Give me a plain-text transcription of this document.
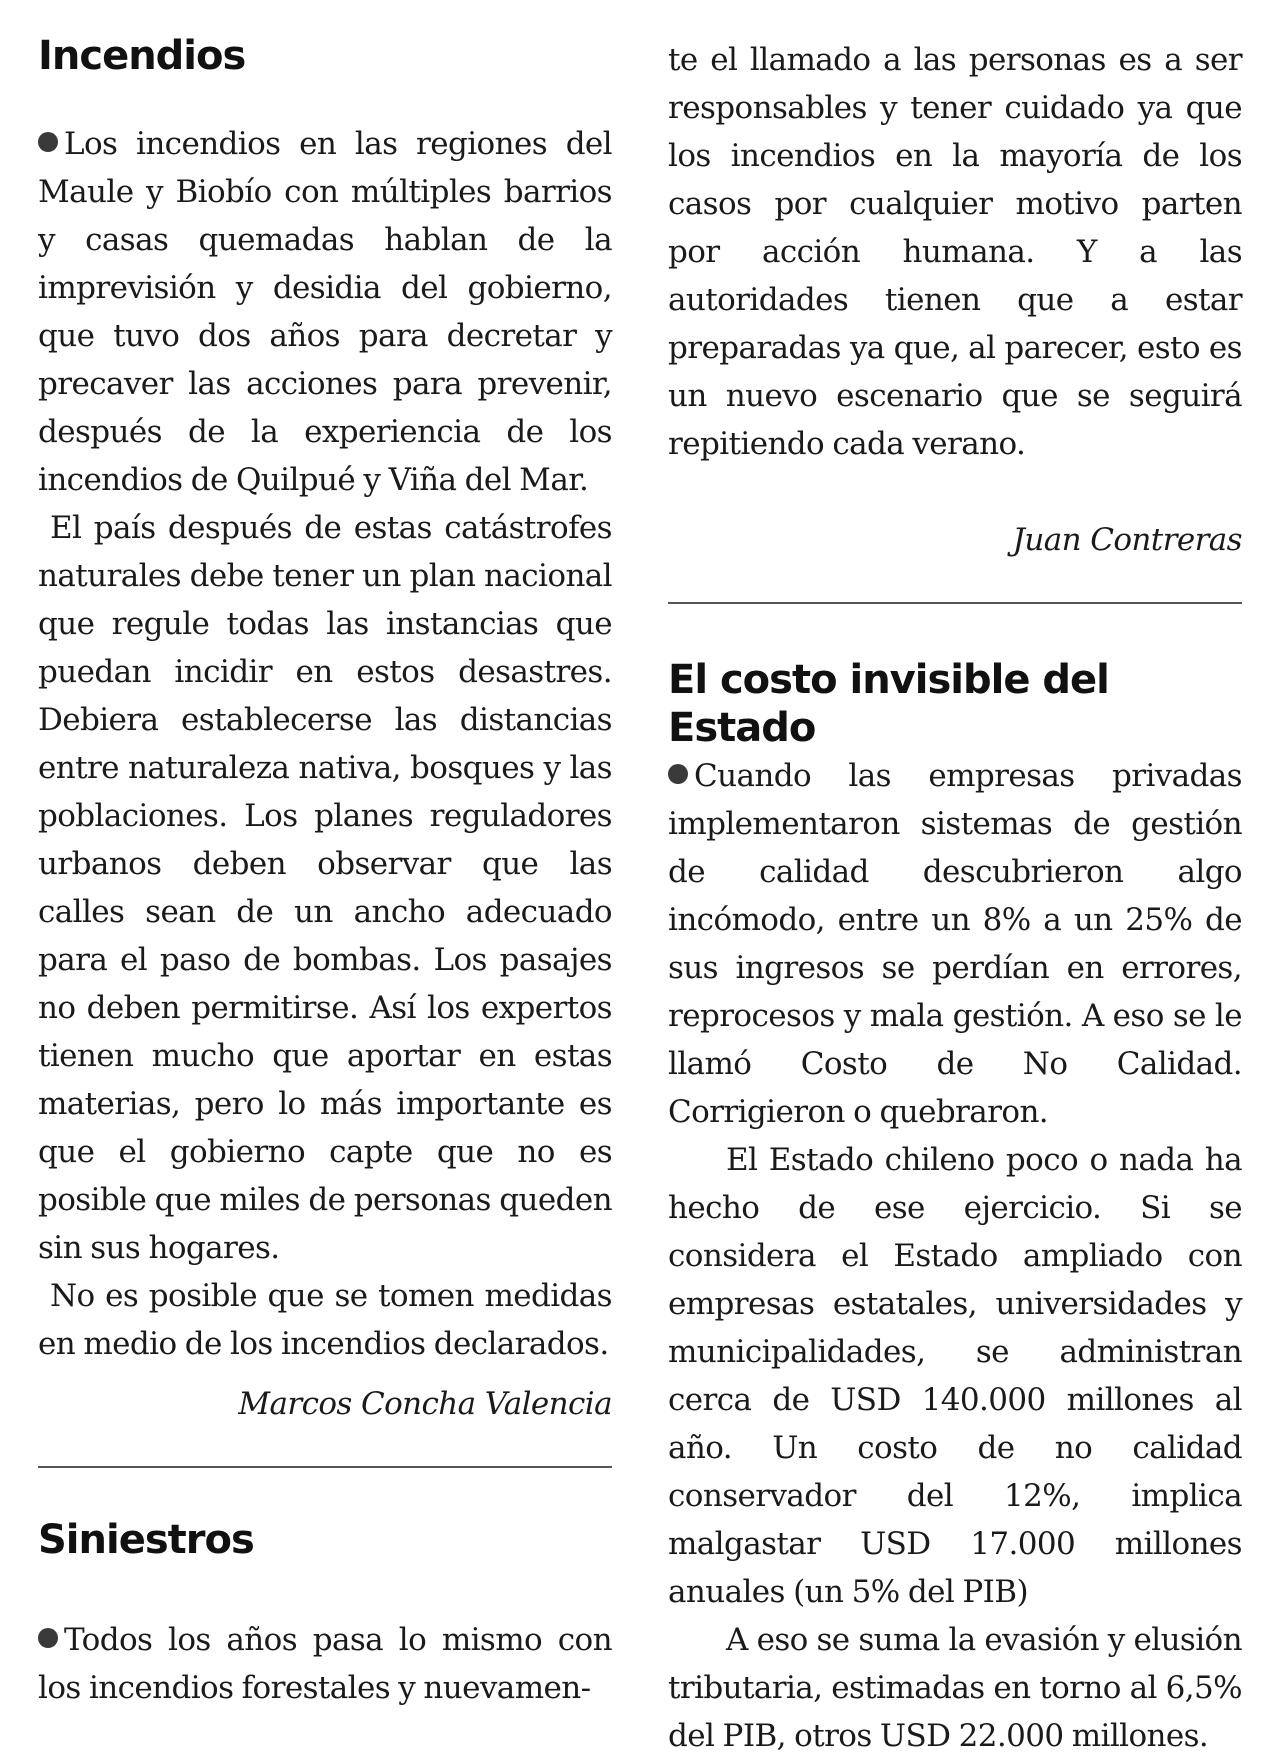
Incendios

Los incendios en las regiones del Maule y Biobío con múltiples barrios y casas quemadas hablan de la imprevisión y desidia del gobierno, que tuvo dos años para decretar y precaver las acciones para prevenir, después de la experiencia de los incendios de Quilpué y Viña del Mar.

El país después de estas catástrofes naturales debe tener un plan nacional que regule todas las instancias que puedan incidir en estos desastres. Debiera establecerse las distancias entre naturaleza nativa, bosques y las poblaciones. Los planes reguladores urbanos deben observar que las calles sean de un ancho adecuado para el paso de bombas. Los pasajes no deben permitirse. Así los expertos tienen mucho que aportar en estas materias, pero lo más importante es que el gobierno capte que no es posible que miles de personas queden sin sus hogares.

No es posible que se tomen medidas en medio de los incendios declarados.

Marcos Concha Valencia

Siniestros

Todos los años pasa lo mismo con los incendios forestales y nuevamen-

te el llamado a las personas es a ser responsables y tener cuidado ya que los incendios en la mayoría de los casos por cualquier motivo parten por acción humana. Y a las autoridades tienen que a estar preparadas ya que, al parecer, esto es un nuevo escenario que se seguirá repitiendo cada verano.

Juan Contreras

El costo invisible del Estado

Cuando las empresas privadas implementaron sistemas de gestión de calidad descubrieron algo incómodo, entre un 8% a un 25% de sus ingresos se perdían en errores, reprocesos y mala gestión. A eso se le llamó Costo de No Calidad. Corrigieron o quebraron.

El Estado chileno poco o nada ha hecho de ese ejercicio. Si se considera el Estado ampliado con empresas estatales, universidades y municipalidades, se administran cerca de USD 140.000 millones al año. Un costo de no calidad conservador del 12%, implica malgastar USD 17.000 millones anuales (un 5% del PIB)

A eso se suma la evasión y elusión tributaria, estimadas en torno al 6,5% del PIB, otros USD 22.000 millones.
